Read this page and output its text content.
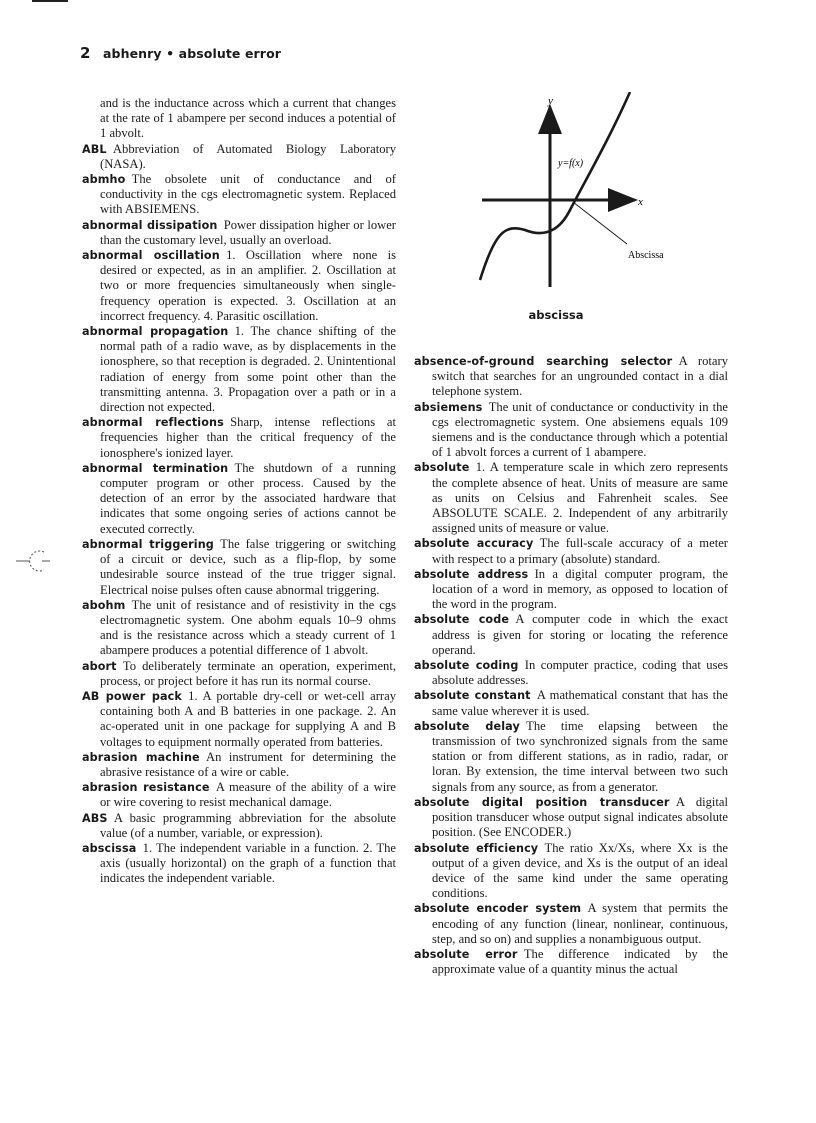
2 abhenry • absolute error

and is the inductance across which a current that changes at the rate of 1 abampere per second induces a potential of 1 abvolt.

ABL  Abbreviation of Automated Biology Laboratory (NASA).

abmho  The obsolete unit of conductance and of conductivity in the cgs electromagnetic system. Replaced with ABSIEMENS.

abnormal dissipation  Power dissipation higher or lower than the customary level, usually an overload.

abnormal oscillation  1. Oscillation where none is desired or expected, as in an amplifier. 2. Oscillation at two or more frequencies simultaneously when single-frequency operation is expected. 3. Oscillation at an incorrect frequency. 4. Parasitic oscillation.

abnormal propagation  1. The chance shifting of the normal path of a radio wave, as by displacements in the ionosphere, so that reception is degraded. 2. Unintentional radiation of energy from some point other than the transmitting antenna. 3. Propagation over a path or in a direction not expected.

abnormal reflections  Sharp, intense reflections at frequencies higher than the critical frequency of the ionosphere's ionized layer.

abnormal termination  The shutdown of a running computer program or other process. Caused by the detection of an error by the associated hardware that indicates that some ongoing series of actions cannot be executed correctly.

abnormal triggering  The false triggering or switching of a circuit or device, such as a flip-flop, by some undesirable source instead of the true trigger signal. Electrical noise pulses often cause abnormal triggering.

abohm  The unit of resistance and of resistivity in the cgs electromagnetic system. One abohm equals 10–9 ohms and is the resistance across which a steady current of 1 abampere produces a potential difference of 1 abvolt.

abort  To deliberately terminate an operation, experiment, process, or project before it has run its normal course.

AB power pack  1. A portable dry-cell or wet-cell array containing both A and B batteries in one package. 2. An ac-operated unit in one package for supplying A and B voltages to equipment normally operated from batteries.

abrasion machine  An instrument for determining the abrasive resistance of a wire or cable.

abrasion resistance  A measure of the ability of a wire or wire covering to resist mechanical damage.

ABS  A basic programming abbreviation for the absolute value (of a number, variable, or expression).

abscissa  1. The independent variable in a function. 2. The axis (usually horizontal) on the graph of a function that indicates the independent variable.

absence-of-ground searching selector  A rotary switch that searches for an ungrounded contact in a dial telephone system.

absiemens  The unit of conductance or conductivity in the cgs electromagnetic system. One absiemens equals 109 siemens and is the conductance through which a potential of 1 abvolt forces a current of 1 abampere.

absolute  1. A temperature scale in which zero represents the complete absence of heat. Units of measure are same as units on Celsius and Fahrenheit scales. See ABSOLUTE SCALE. 2. Independent of any arbitrarily assigned units of measure or value.

absolute accuracy  The full-scale accuracy of a meter with respect to a primary (absolute) standard.

absolute address  In a digital computer program, the location of a word in memory, as opposed to location of the word in the program.

absolute code  A computer code in which the exact address is given for storing or locating the reference operand.

absolute coding  In computer practice, coding that uses absolute addresses.

absolute constant  A mathematical constant that has the same value wherever it is used.

absolute delay  The time elapsing between the transmission of two synchronized signals from the same station or from different stations, as in radio, radar, or loran. By extension, the time interval between two such signals from any source, as from a generator.

absolute digital position transducer  A digital position transducer whose output signal indicates absolute position. (See ENCODER.)

absolute efficiency  The ratio Xx/Xs, where Xx is the output of a given device, and Xs is the output of an ideal device of the same kind under the same operating conditions.

absolute encoder system  A system that permits the encoding of any function (linear, nonlinear, continuous, step, and so on) and supplies a nonambiguous output.

absolute error  The difference indicated by the approximate value of a quantity minus the actual

y
x
y=f(x)
Abscissa
abscissa
